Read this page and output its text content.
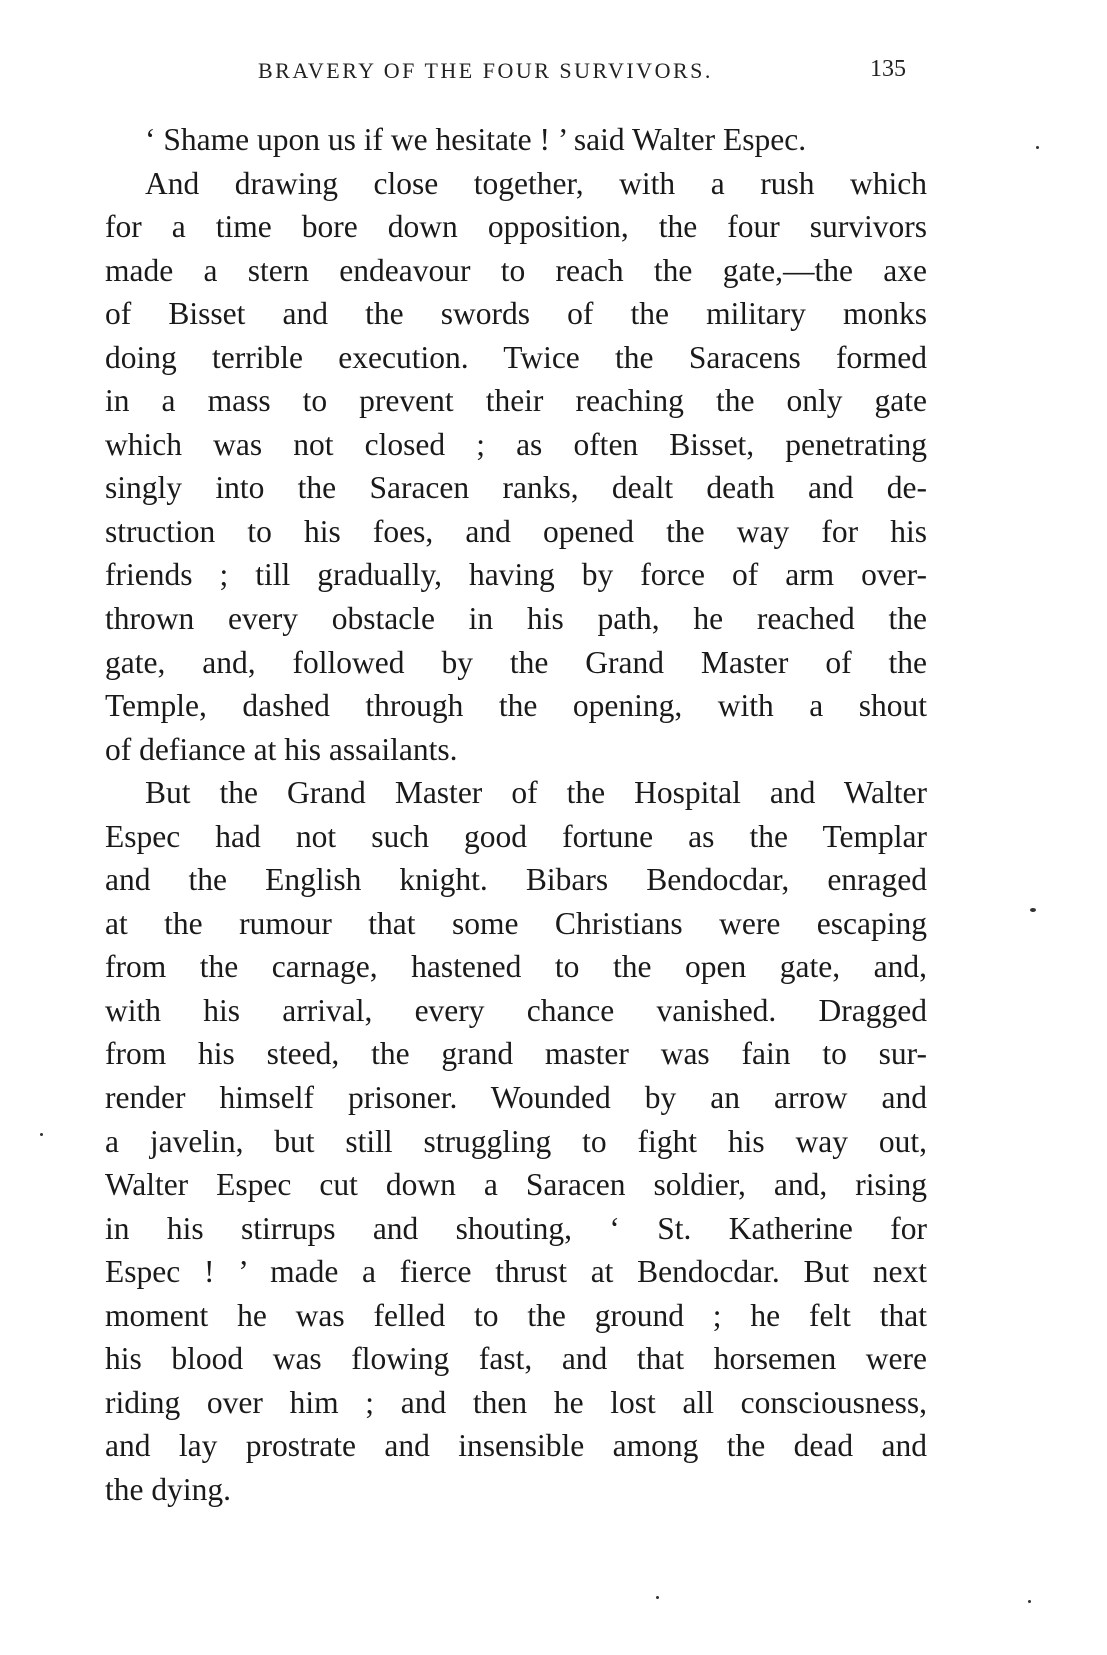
BRAVERY OF THE FOUR SURVIVORS.	135
‘ Shame upon us if we hesitate ! ’ said Walter Espec.
And drawing close together, with a rush which
for a time bore down opposition, the four survivors
made a stern endeavour to reach the gate,—the axe
of Bisset and the swords of the military monks
doing terrible execution. Twice the Saracens formed
in a mass to prevent their reaching the only gate
which was not closed ; as often Bisset, penetrating
singly into the Saracen ranks, dealt death and de-
struction to his foes, and opened the way for his
friends ; till gradually, having by force of arm over-
thrown every obstacle in his path, he reached the
gate, and, followed by the Grand Master of the
Temple, dashed through the opening, with a shout
of defiance at his assailants.
But the Grand Master of the Hospital and Walter
Espec had not such good fortune as the Templar
and the English knight. Bibars Bendocdar, enraged
at the rumour that some Christians were escaping
from the carnage, hastened to the open gate, and,
with his arrival, every chance vanished. Dragged
from his steed, the grand master was fain to sur-
render himself prisoner. Wounded by an arrow and
a javelin, but still struggling to fight his way out,
Walter Espec cut down a Saracen soldier, and, rising
in his stirrups and shouting, ‘ St. Katherine for
Espec ! ’ made a fierce thrust at Bendocdar. But next
moment he was felled to the ground ; he felt that
his blood was flowing fast, and that horsemen were
riding over him ; and then he lost all consciousness,
and lay prostrate and insensible among the dead and
the dying.
